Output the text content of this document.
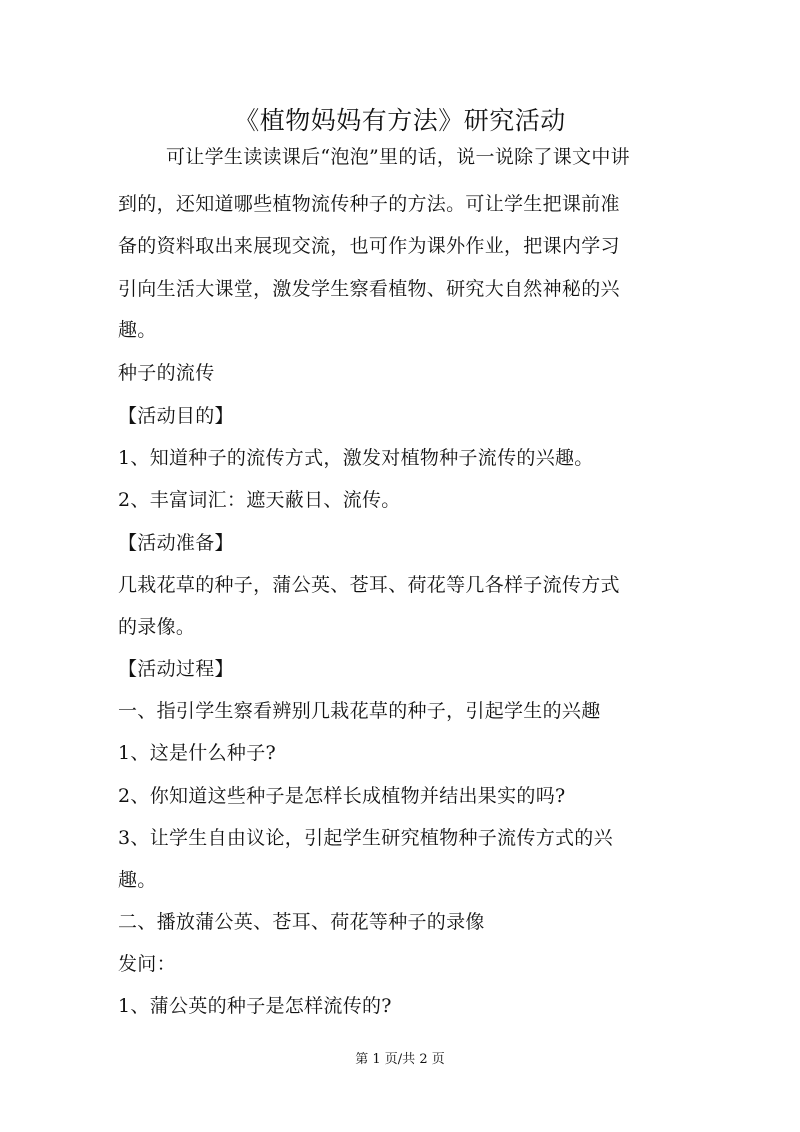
《植物妈妈有方法》研究活动
可让学生读读课后“泡泡”里的话，说一说除了课文中讲
到的，还知道哪些植物流传种子的方法。可让学生把课前准
备的资料取出来展现交流，也可作为课外作业，把课内学习
引向生活大课堂，激发学生察看植物、研究大自然神秘的兴
趣。
种子的流传
【活动目的】
1、知道种子的流传方式，激发对植物种子流传的兴趣。
2、丰富词汇：遮天蔽日、流传。
【活动准备】
几栽花草的种子，蒲公英、苍耳、荷花等几各样子流传方式
的录像。
【活动过程】
一、指引学生察看辨别几栽花草的种子，引起学生的兴趣
1、这是什么种子?
2、你知道这些种子是怎样长成植物并结出果实的吗?
3、让学生自由议论，引起学生研究植物种子流传方式的兴
趣。
二、播放蒲公英、苍耳、荷花等种子的录像
发问：
1、蒲公英的种子是怎样流传的?
第 1 页/共 2 页
